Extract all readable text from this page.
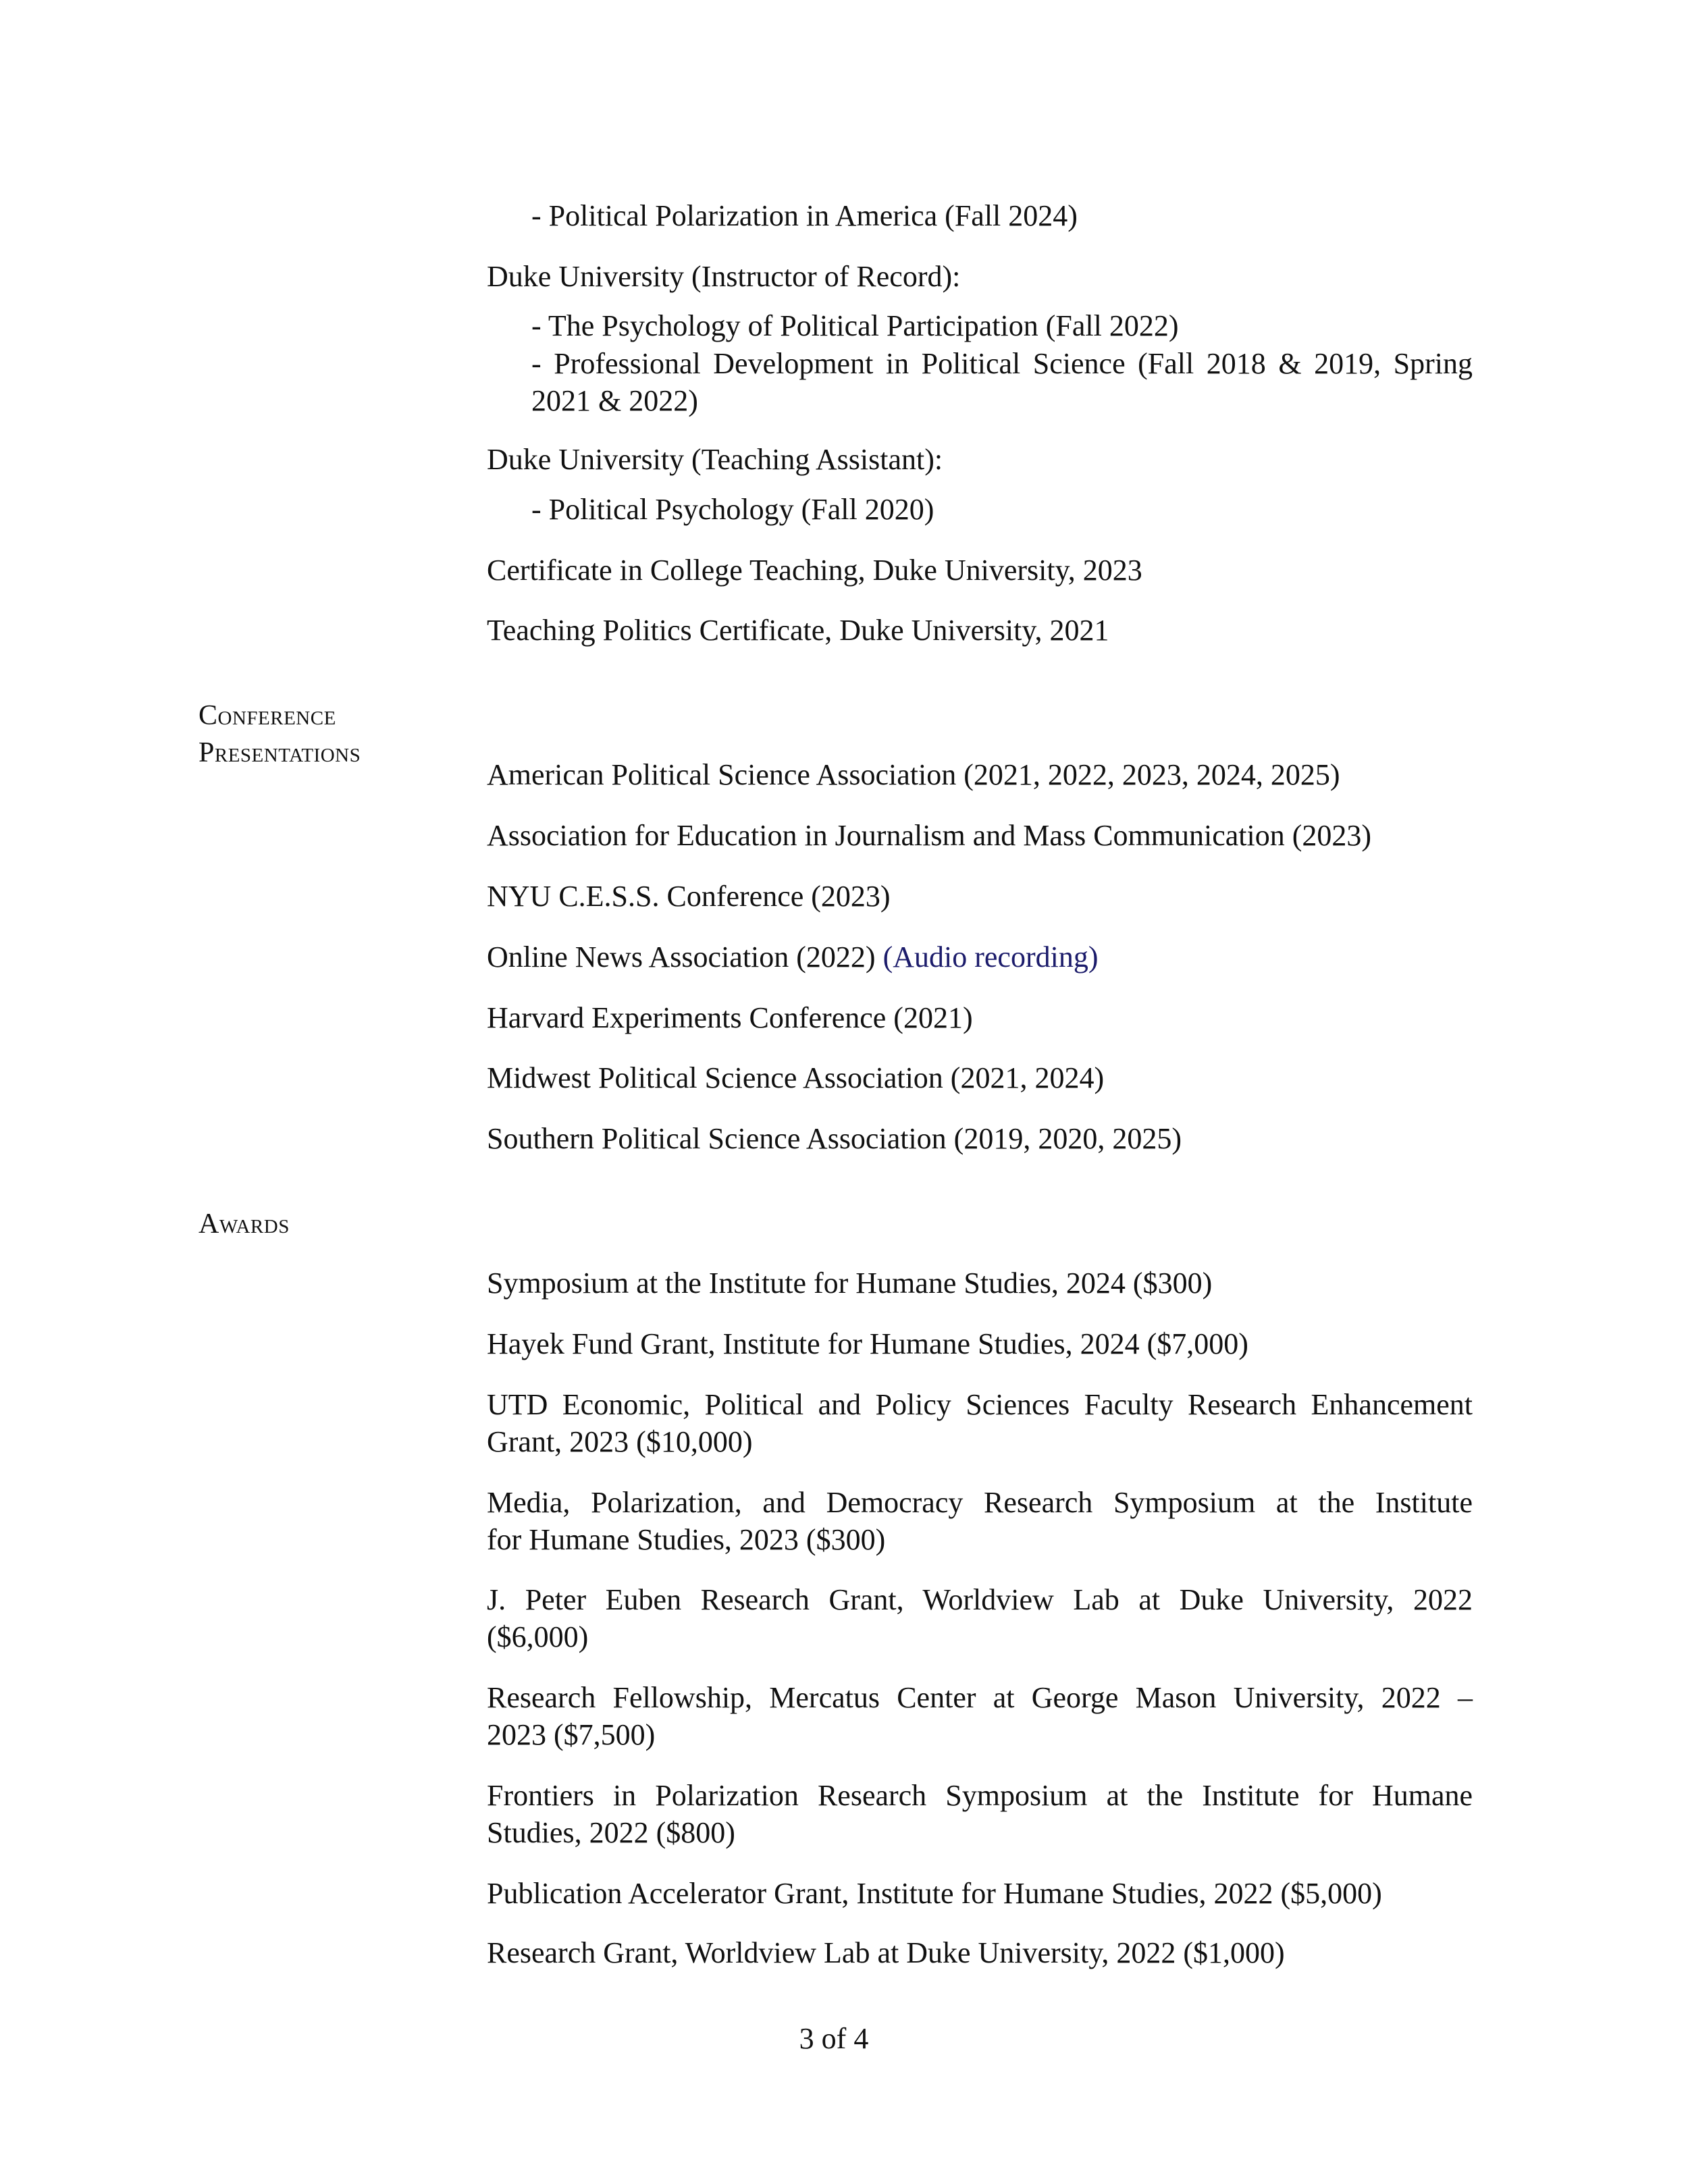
- Political Polarization in America (Fall 2024)
Duke University (Instructor of Record):
- The Psychology of Political Participation (Fall 2022)
- Professional Development in Political Science (Fall 2018 & 2019, Spring
2021 & 2022)
Duke University (Teaching Assistant):
- Political Psychology (Fall 2020)
Certificate in College Teaching, Duke University, 2023
Teaching Politics Certificate, Duke University, 2021
Conference
Presentations
American Political Science Association (2021, 2022, 2023, 2024, 2025)
Association for Education in Journalism and Mass Communication (2023)
NYU C.E.S.S. Conference (2023)
Online News Association (2022) (Audio recording)
Harvard Experiments Conference (2021)
Midwest Political Science Association (2021, 2024)
Southern Political Science Association (2019, 2020, 2025)
Awards
Symposium at the Institute for Humane Studies, 2024 ($300)
Hayek Fund Grant, Institute for Humane Studies, 2024 ($7,000)
UTD Economic, Political and Policy Sciences Faculty Research Enhancement
Grant, 2023 ($10,000)
Media, Polarization, and Democracy Research Symposium at the Institute
for Humane Studies, 2023 ($300)
J. Peter Euben Research Grant, Worldview Lab at Duke University, 2022
($6,000)
Research Fellowship, Mercatus Center at George Mason University, 2022 –
2023 ($7,500)
Frontiers in Polarization Research Symposium at the Institute for Humane
Studies, 2022 ($800)
Publication Accelerator Grant, Institute for Humane Studies, 2022 ($5,000)
Research Grant, Worldview Lab at Duke University, 2022 ($1,000)
3 of 4
